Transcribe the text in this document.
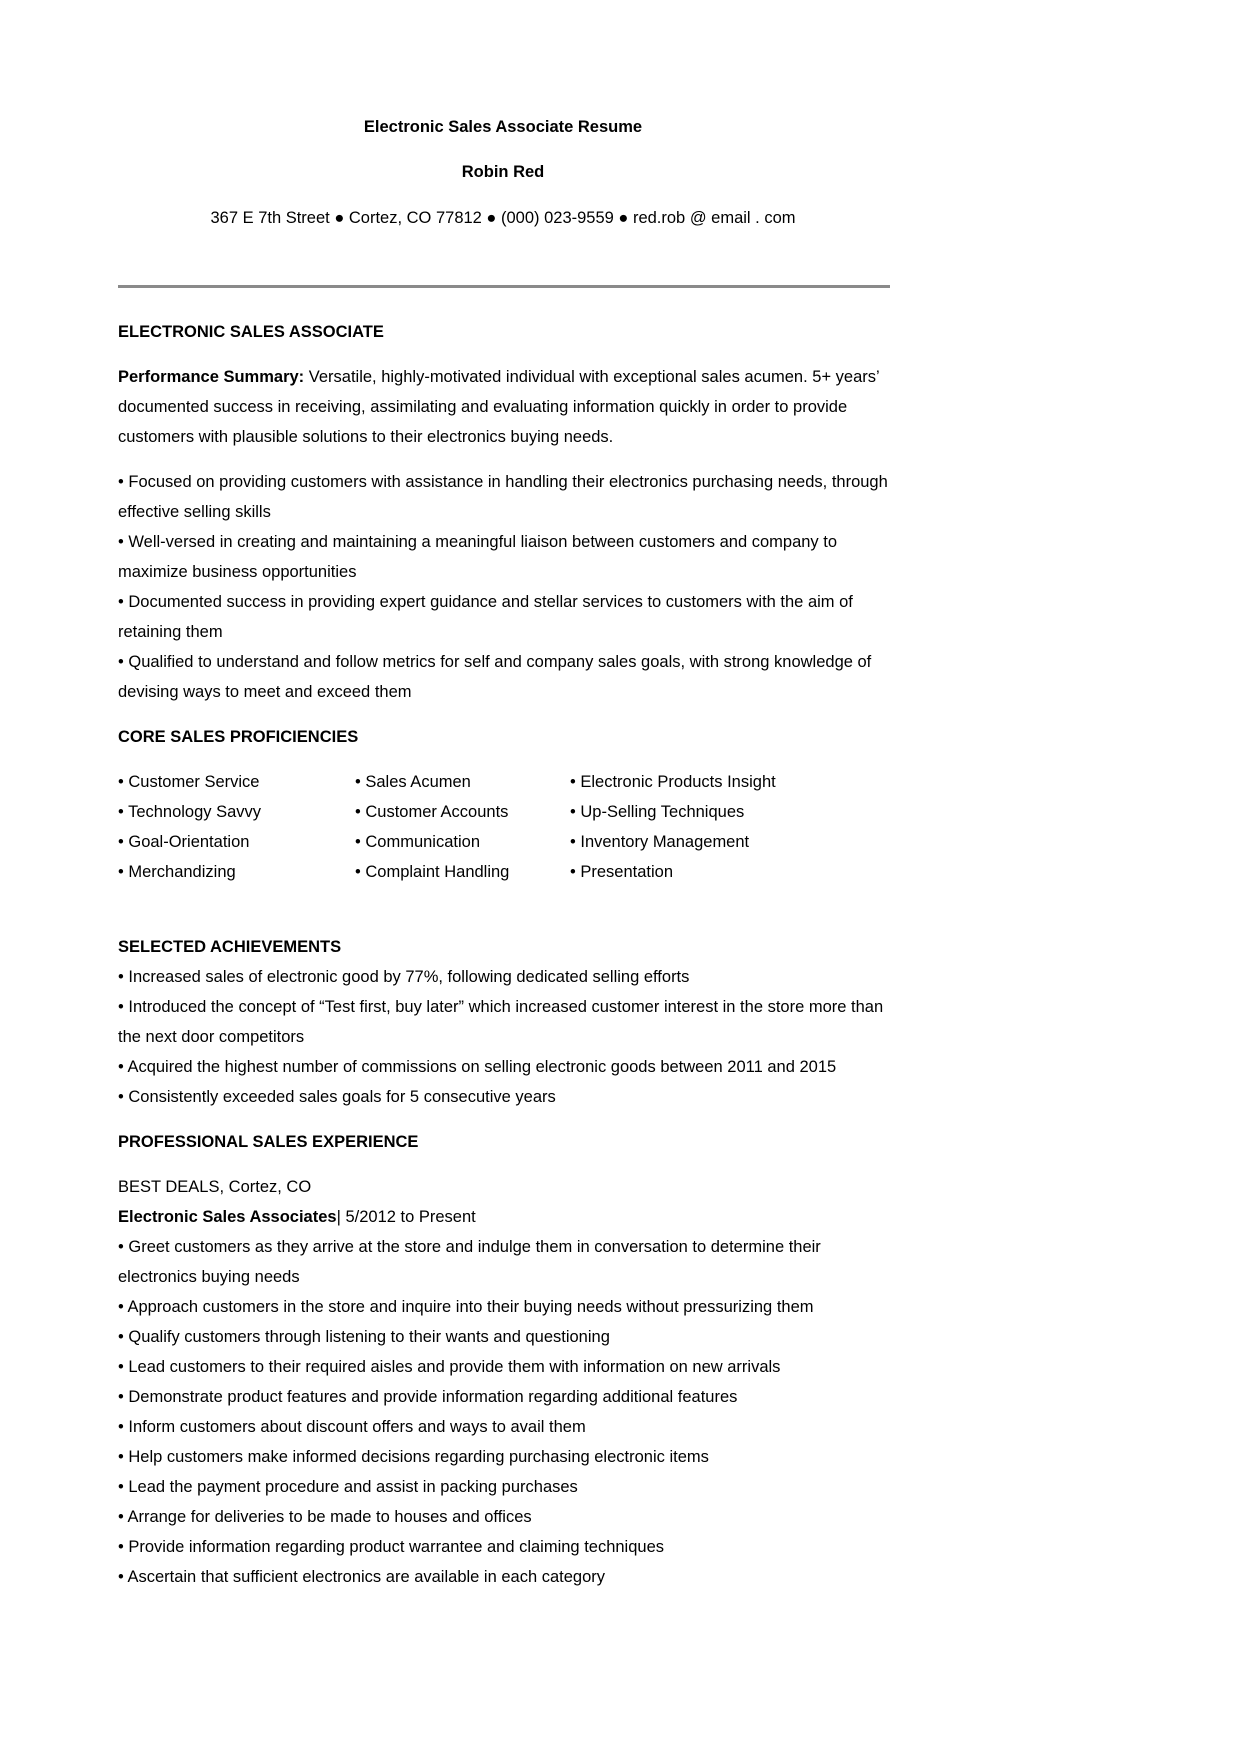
Electronic Sales Associate Resume
Robin Red
367 E 7th Street ● Cortez, CO 77812 ● (000) 023-9559 ● red.rob @ email . com

ELECTRONIC SALES ASSOCIATE

Performance Summary: Versatile, highly-motivated individual with exceptional sales acumen. 5+ years’ documented success in receiving, assimilating and evaluating information quickly in order to provide customers with plausible solutions to their electronics buying needs.

• Focused on providing customers with assistance in handling their electronics purchasing needs, through effective selling skills

• Well-versed in creating and maintaining a meaningful liaison between customers and company to maximize business opportunities

• Documented success in providing expert guidance and stellar services to customers with the aim of retaining them

• Qualified to understand and follow metrics for self and company sales goals, with strong knowledge of devising ways to meet and exceed them

CORE SALES PROFICIENCIES

• Customer Service
• Technology Savvy
• Goal-Orientation
• Merchandizing
• Sales Acumen
• Customer Accounts
• Communication
• Complaint Handling
• Electronic Products Insight
• Up-Selling Techniques
• Inventory Management
• Presentation

SELECTED ACHIEVEMENTS

• Increased sales of electronic good by 77%, following dedicated selling efforts

• Introduced the concept of “Test first, buy later” which increased customer interest in the store more than the next door competitors

• Acquired the highest number of commissions on selling electronic goods between 2011 and 2015

• Consistently exceeded sales goals for 5 consecutive years

PROFESSIONAL SALES EXPERIENCE

BEST DEALS, Cortez, CO

Electronic Sales Associates| 5/2012 to Present

• Greet customers as they arrive at the store and indulge them in conversation to determine their electronics buying needs

• Approach customers in the store and inquire into their buying needs without pressurizing them

• Qualify customers through listening to their wants and questioning

• Lead customers to their required aisles and provide them with information on new arrivals

• Demonstrate product features and provide information regarding additional features

• Inform customers about discount offers and ways to avail them

• Help customers make informed decisions regarding purchasing electronic items

• Lead the payment procedure and assist in packing purchases

• Arrange for deliveries to be made to houses and offices

• Provide information regarding product warrantee and claiming techniques

• Ascertain that sufficient electronics are available in each category
